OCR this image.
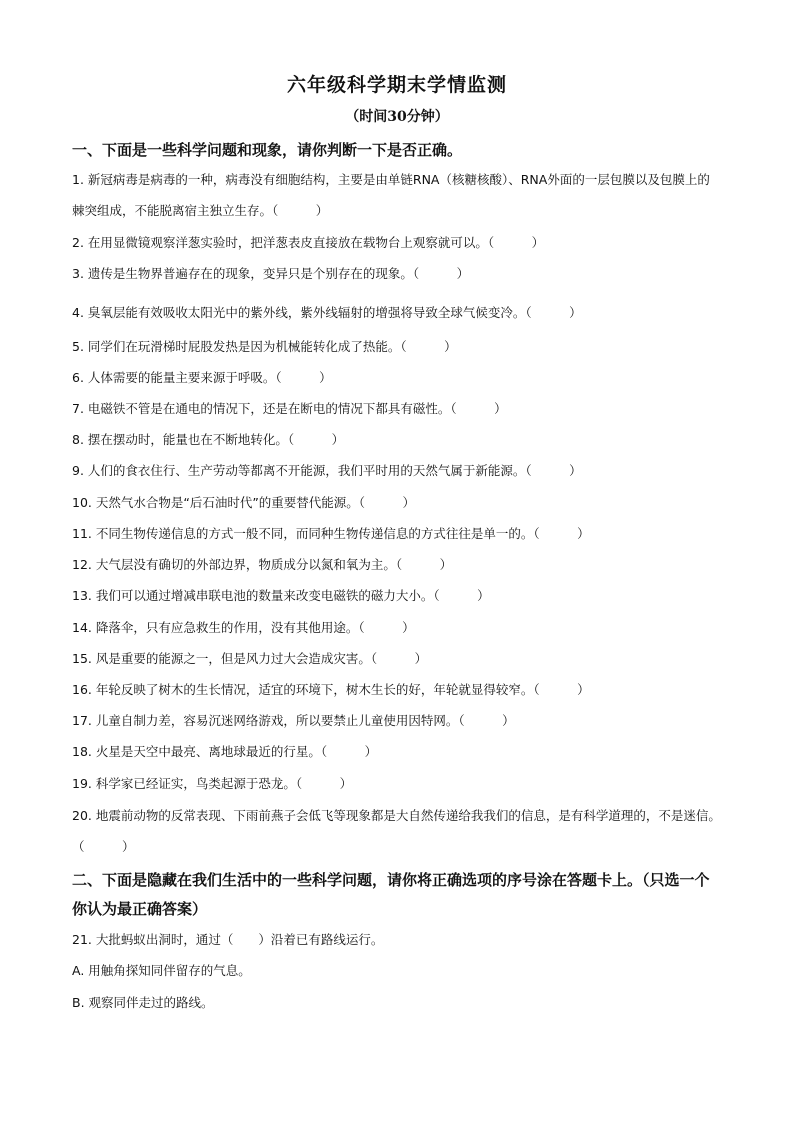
六年级科学期末学情监测
（时间30分钟）
一、下面是一些科学问题和现象，请你判断一下是否正确。
1. 新冠病毒是病毒的一种，病毒没有细胞结构，主要是由单链RNA（核糖核酸）、RNA外面的一层包膜以及包膜上的棘突组成，不能脱离宿主独立生存。（　　　）
2. 在用显微镜观察洋葱实验时，把洋葱表皮直接放在载物台上观察就可以。（　　　）
3. 遗传是生物界普遍存在的现象，变异只是个别存在的现象。（　　　）
4. 臭氧层能有效吸收太阳光中的紫外线，紫外线辐射的增强将导致全球气候变冷。（　　　）
5. 同学们在玩滑梯时屁股发热是因为机械能转化成了热能。（　　　）
6. 人体需要的能量主要来源于呼吸。（　　　）
7. 电磁铁不管是在通电的情况下，还是在断电的情况下都具有磁性。（　　　）
8. 摆在摆动时，能量也在不断地转化。（　　　）
9. 人们的食衣住行、生产劳动等都离不开能源，我们平时用的天然气属于新能源。（　　　）
10. 天然气水合物是“后石油时代”的重要替代能源。（　　　）
11. 不同生物传递信息的方式一般不同，而同种生物传递信息的方式往往是单一的。（　　　）
12. 大气层没有确切的外部边界，物质成分以氮和氧为主。（　　　）
13. 我们可以通过增减串联电池的数量来改变电磁铁的磁力大小。（　　　）
14. 降落伞，只有应急救生的作用，没有其他用途。（　　　）
15. 风是重要的能源之一，但是风力过大会造成灾害。（　　　）
16. 年轮反映了树木的生长情况，适宜的环境下，树木生长的好，年轮就显得较窄。（　　　）
17. 儿童自制力差，容易沉迷网络游戏，所以要禁止儿童使用因特网。（　　　）
18. 火星是天空中最亮、离地球最近的行星。（　　　）
19. 科学家已经证实，鸟类起源于恐龙。（　　　）
20. 地震前动物的反常表现、下雨前燕子会低飞等现象都是大自然传递给我我们的信息，是有科学道理的，不是迷信。（　　　）
二、下面是隐藏在我们生活中的一些科学问题，请你将正确选项的序号涂在答题卡上。（只选一个你认为最正确答案）
21. 大批蚂蚁出洞时，通过（　　）沿着已有路线运行。
A. 用触角探知同伴留存的气息。
B. 观察同伴走过的路线。
